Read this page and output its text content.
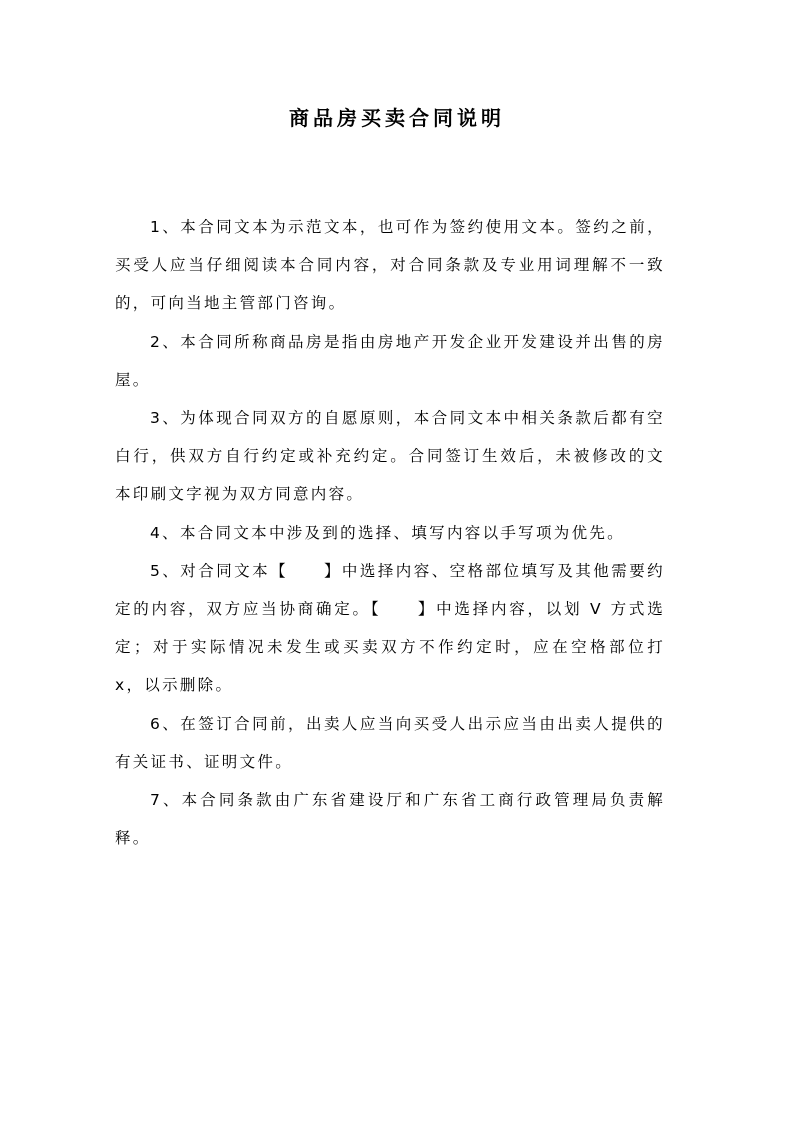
商品房买卖合同说明

1、本合同文本为示范文本，也可作为签约使用文本。签约之前，买受人应当仔细阅读本合同内容，对合同条款及专业用词理解不一致的，可向当地主管部门咨询。

2、本合同所称商品房是指由房地产开发企业开发建设并出售的房屋。

3、为体现合同双方的自愿原则，本合同文本中相关条款后都有空白行，供双方自行约定或补充约定。合同签订生效后，未被修改的文本印刷文字视为双方同意内容。

4、本合同文本中涉及到的选择、填写内容以手写项为优先。

5、对合同文本【　　】中选择内容、空格部位填写及其他需要约定的内容，双方应当协商确定。【　　】中选择内容，以划 V 方式选定；对于实际情况未发生或买卖双方不作约定时，应在空格部位打 x，以示删除。

6、在签订合同前，出卖人应当向买受人出示应当由出卖人提供的有关证书、证明文件。

7、本合同条款由广东省建设厅和广东省工商行政管理局负责解释。
